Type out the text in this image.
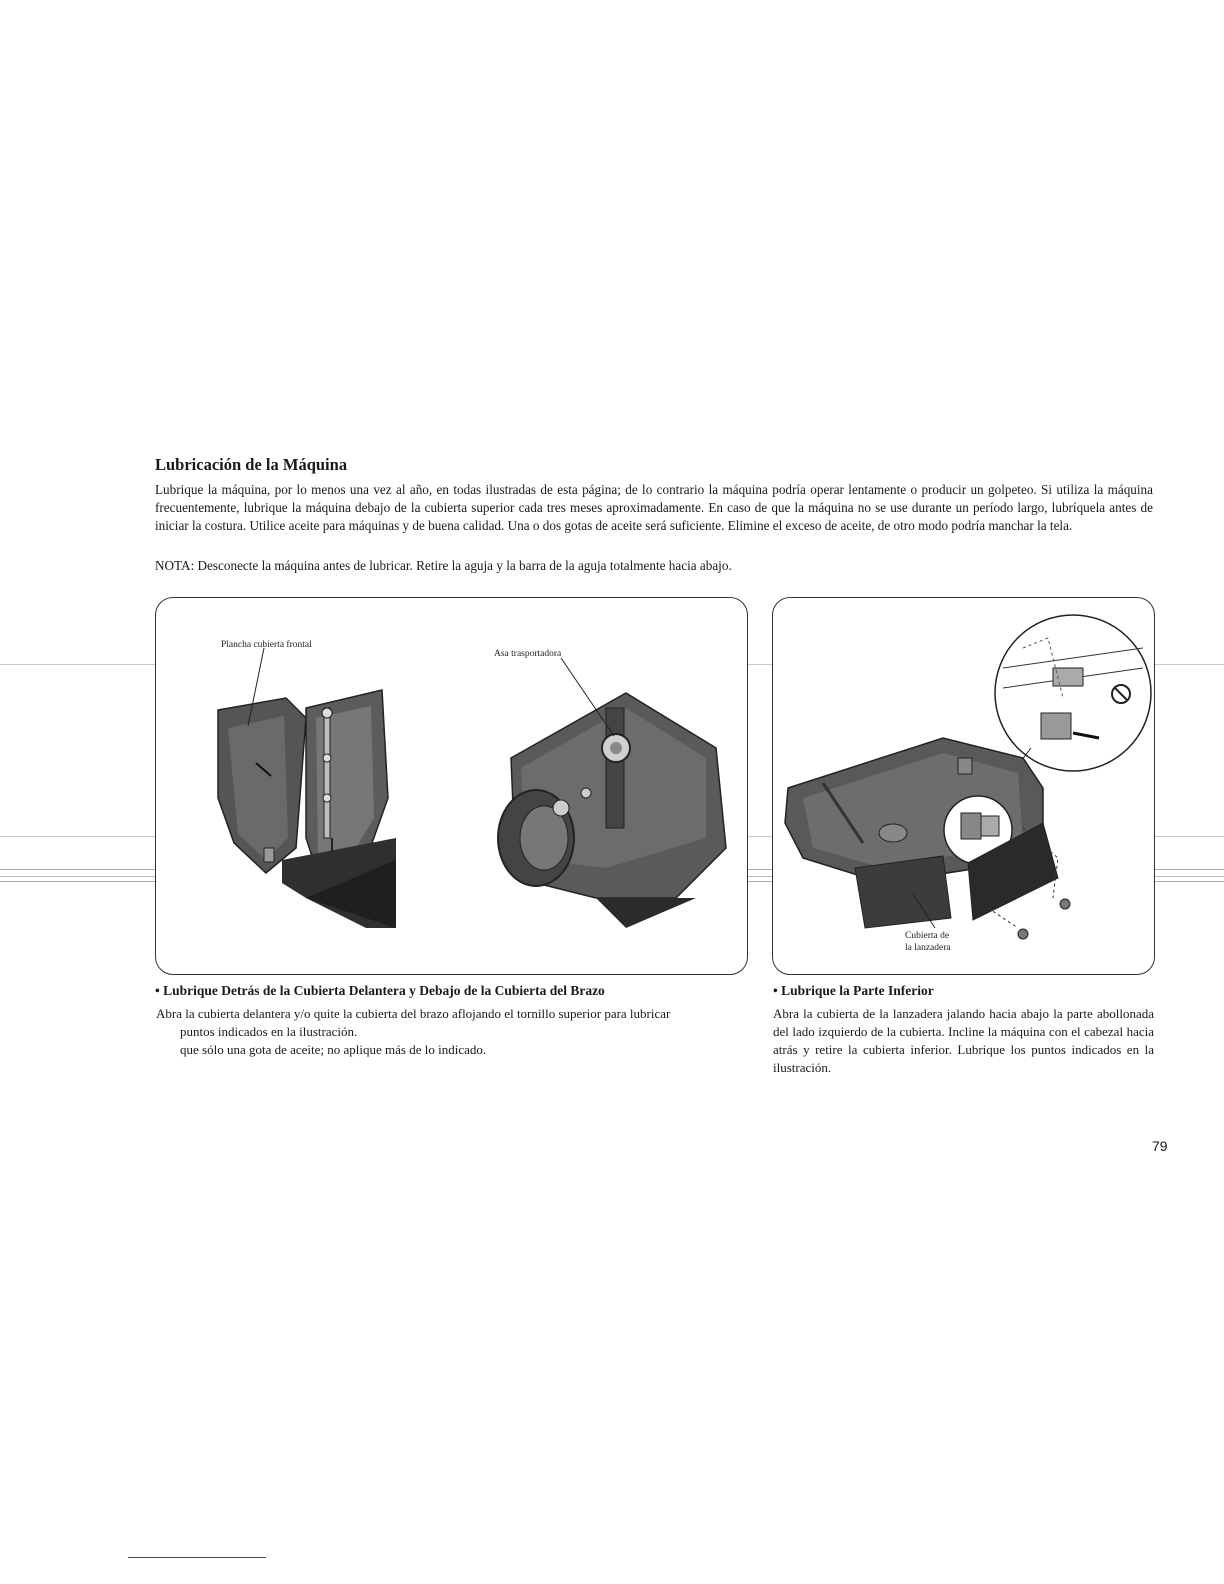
Lubricación de la Máquina

Lubrique la máquina, por lo menos una vez al año, en todas ilustradas de esta página; de lo contrario la máquina podría operar lentamente o producir un golpeteo. Si utiliza la máquina frecuentemente, lubrique la máquina debajo de la cubierta superior cada tres meses aproximadamente. En caso de que la máquina no se use durante un período largo, lubríquela antes de iniciar la costura. Utilice aceite para máquinas y de buena calidad. Una o dos gotas de aceite será suficiente. Elimine el exceso de aceite, de otro modo podría manchar la tela.

NOTA: Desconecte la máquina antes de lubricar. Retire la aguja y la barra de la aguja totalmente hacia abajo.

Plancha cubierta frontal
Asa trasportadora
Cubierta de
la lanzadera

• Lubrique Detrás de la Cubierta Delantera y Debajo de la Cubierta del Brazo

Abra la cubierta delantera y/o quite la cubierta del brazo aflojando el tornillo superior para lubricar
puntos indicados en la ilustración.
que sólo una gota de aceite; no aplique más de lo indicado.

• Lubrique la Parte Inferior

Abra la cubierta de la lanzadera jalando hacia abajo la parte abollonada del lado izquierdo de la cubierta. Incline la máquina con el cabezal hacia atrás y retire la cubierta inferior. Lubrique los puntos indicados en la ilustración.

79
